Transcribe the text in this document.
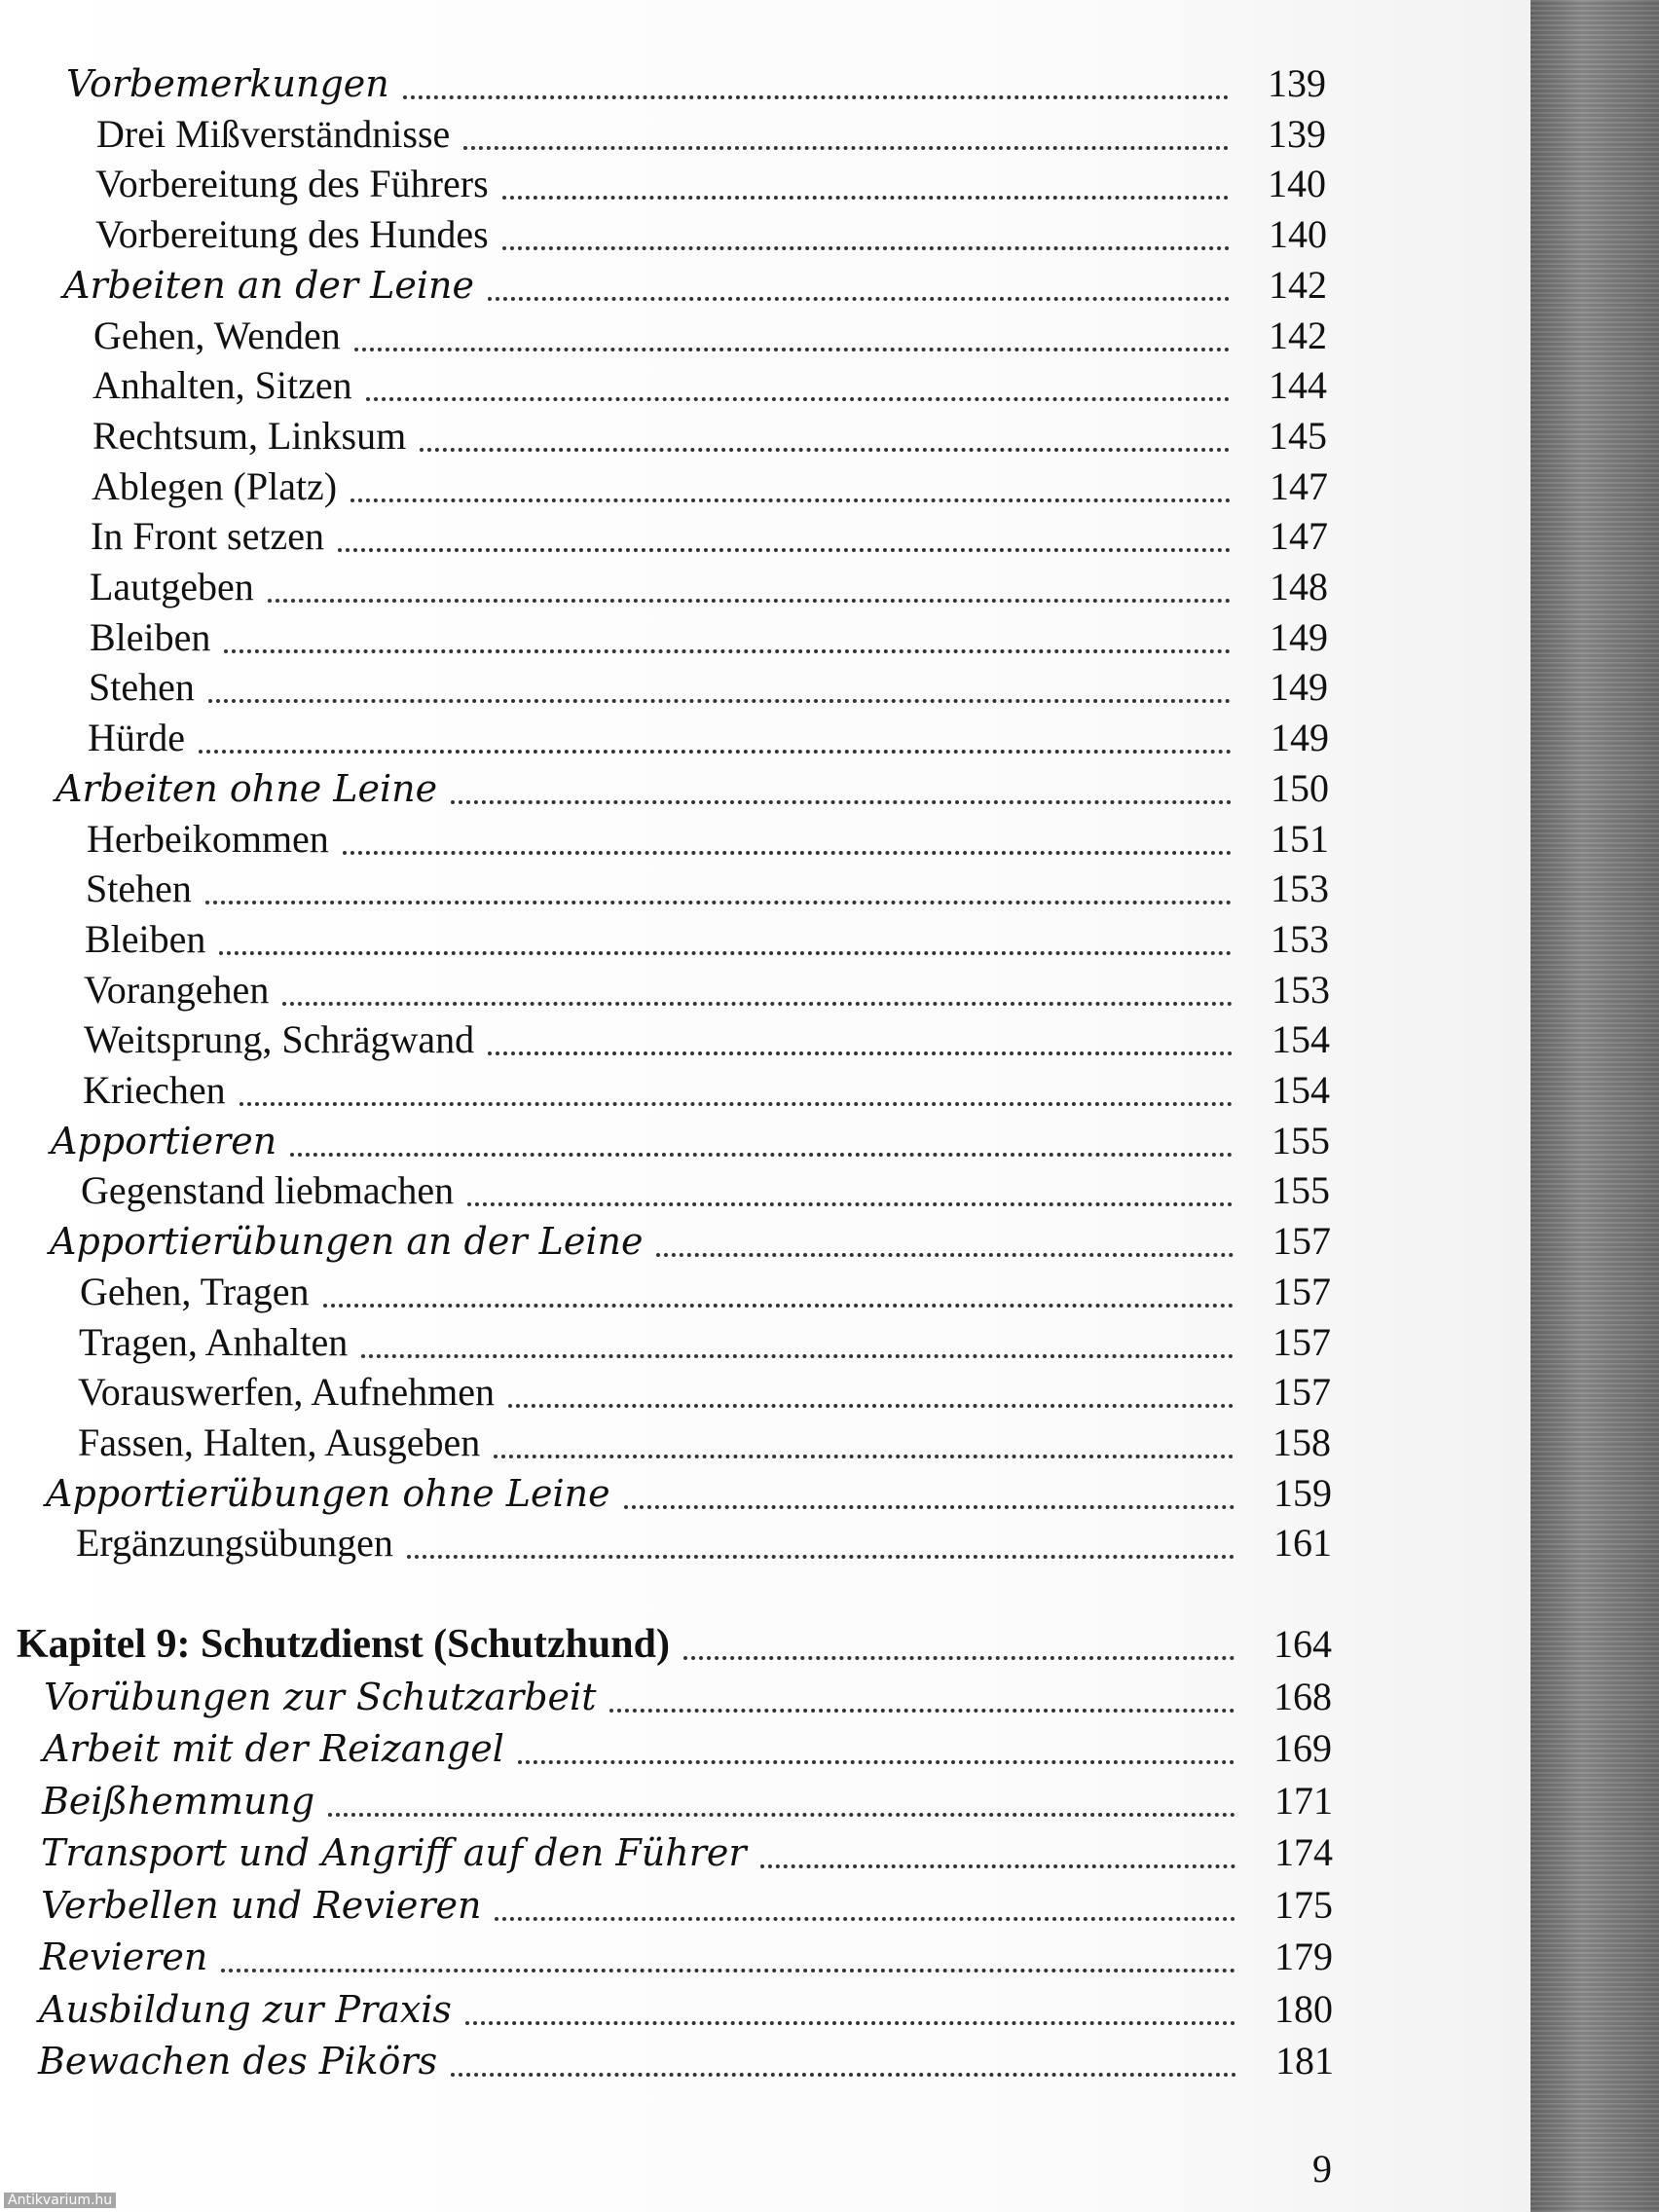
Vorbemerkungen	139
Drei Mißverständnisse	139
Vorbereitung des Führers	140
Vorbereitung des Hundes	140
Arbeiten an der Leine	142
Gehen, Wenden	142
Anhalten, Sitzen	144
Rechtsum, Linksum	145
Ablegen (Platz)	147
In Front setzen	147
Lautgeben	148
Bleiben	149
Stehen	149
Hürde	149
Arbeiten ohne Leine	150
Herbeikommen	151
Stehen	153
Bleiben	153
Vorangehen	153
Weitsprung, Schrägwand	154
Kriechen	154
Apportieren	155
Gegenstand liebmachen	155
Apportierübungen an der Leine	157
Gehen, Tragen	157
Tragen, Anhalten	157
Vorauswerfen, Aufnehmen	157
Fassen, Halten, Ausgeben	158
Apportierübungen ohne Leine	159
Ergänzungsübungen	161
Kapitel 9: Schutzdienst (Schutzhund)	164
Vorübungen zur Schutzarbeit	168
Arbeit mit der Reizangel	169
Beißhemmung	171
Transport und Angriff auf den Führer	174
Verbellen und Revieren	175
Revieren	179
Ausbildung zur Praxis	180
Bewachen des Pikörs	181
9
Antikvarium.hu
